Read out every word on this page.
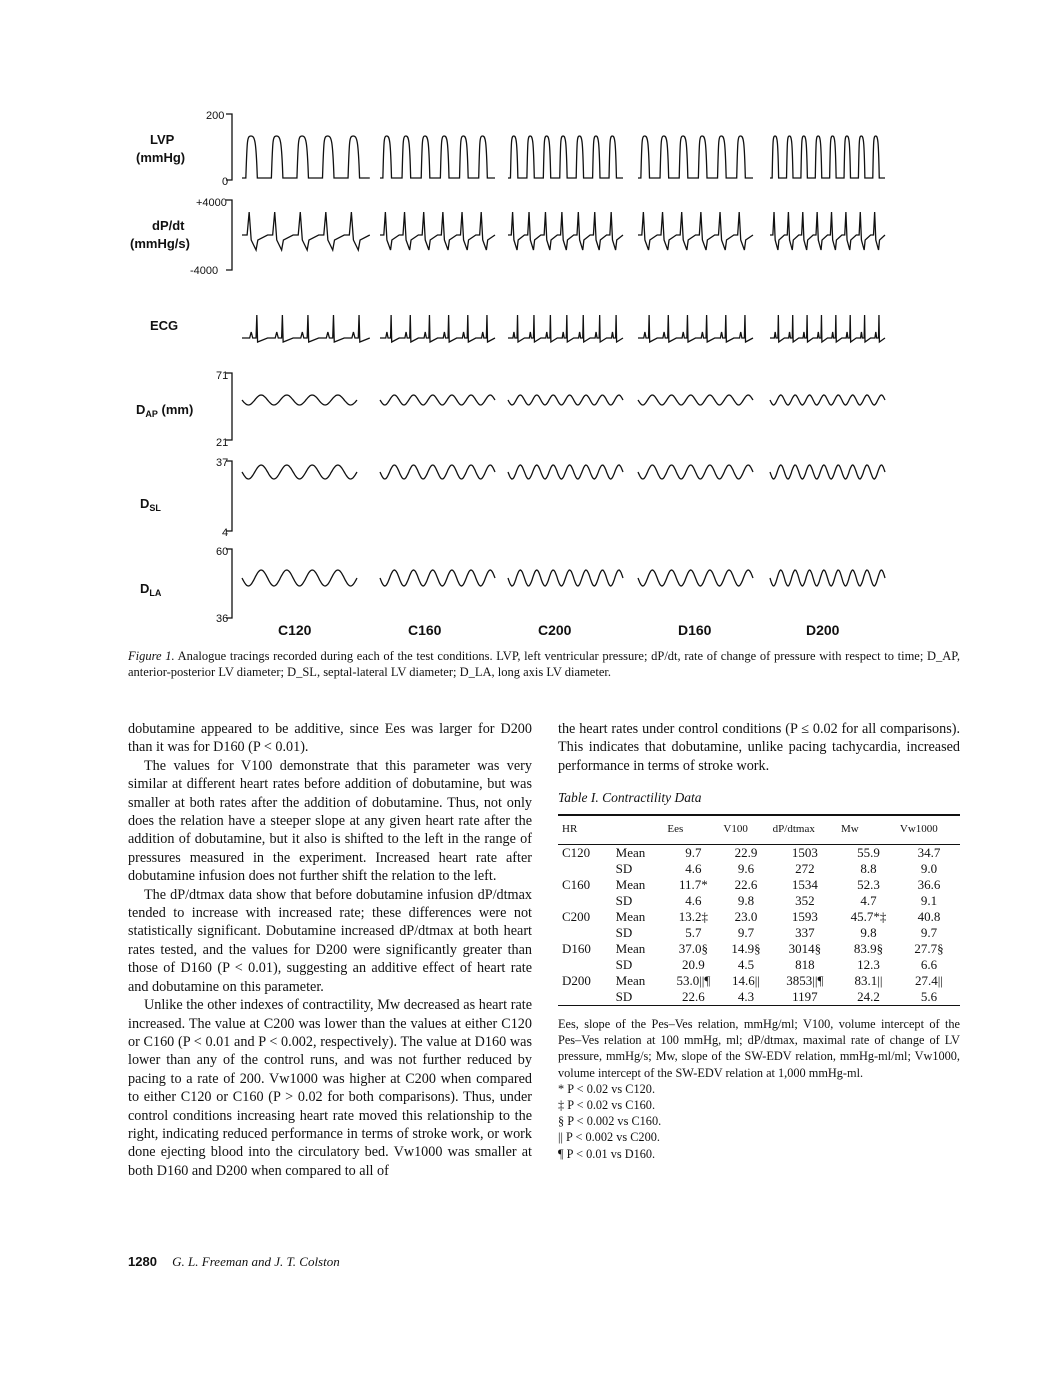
LVP
(mmHg)
200
0
dP/dt
(mmHg/s)
+4000
-4000
ECG
$D_{AP}$ (mm)
71
21
$D_{SL}$
37
4
$D_{LA}$
60
36
C120	C160	C200	D160	D200
Figure 1. Analogue tracings recorded during each of the test conditions. LVP, left ventricular pressure; dP/dt, rate of change of pressure with respect to time; D_AP, anterior-posterior LV diameter; D_SL, septal-lateral LV diameter; D_LA, long axis LV diameter.

dobutamine appeared to be additive, since Ees was larger for D200 than it was for D160 (P < 0.01).

The values for V100 demonstrate that this parameter was very similar at different heart rates before addition of dobutamine, but was smaller at both rates after the addition of dobutamine. Thus, not only does the relation have a steeper slope at any given heart rate after the addition of dobutamine, but it also is shifted to the left in the range of pressures measured in the experiment. Increased heart rate after dobutamine infusion does not further shift the relation to the left.

The dP/dtmax data show that before dobutamine infusion dP/dtmax tended to increase with increased rate; these differences were not statistically significant. Dobutamine increased dP/dtmax at both heart rates tested, and the values for D200 were significantly greater than those of D160 (P < 0.01), suggesting an additive effect of heart rate and dobutamine on this parameter.

Unlike the other indexes of contractility, Mw decreased as heart rate increased. The value at C200 was lower than the values at either C120 or C160 (P < 0.01 and P < 0.002, respectively). The value at D160 was lower than any of the control runs, and was not further reduced by pacing to a rate of 200. Vw1000 was higher at C200 when compared to either C120 or C160 (P > 0.02 for both comparisons). Thus, under control conditions increasing heart rate moved this relationship to the right, indicating reduced performance in terms of stroke work, or work done ejecting blood into the circulatory bed. Vw1000 was smaller at both D160 and D200 when compared to all of

the heart rates under control conditions (P ≤ 0.02 for all comparisons). This indicates that dobutamine, unlike pacing tachycardia, increased performance in terms of stroke work.

Table I. Contractility Data
HR		Ees	V100	dP/dtmax	Mw	Vw1000
C120	Mean	9.7	22.9	1503	55.9	34.7
	SD	4.6	9.6	272	8.8	9.0
C160	Mean	11.7*	22.6	1534	52.3	36.6
	SD	4.6	9.8	352	4.7	9.1
C200	Mean	13.2‡	23.0	1593	45.7*‡	40.8
	SD	5.7	9.7	337	9.8	9.7
D160	Mean	37.0§	14.9§	3014§	83.9§	27.7§
	SD	20.9	4.5	818	12.3	6.6
D200	Mean	53.0||¶	14.6||	3853||¶	83.1||	27.4||
	SD	22.6	4.3	1197	24.2	5.6

Ees, slope of the Pes–Ves relation, mmHg/ml; V100, volume intercept of the Pes–Ves relation at 100 mmHg, ml; dP/dtmax, maximal rate of change of LV pressure, mmHg/s; Mw, slope of the SW-EDV relation, mmHg-ml/ml; Vw1000, volume intercept of the SW-EDV relation at 1,000 mmHg-ml.

* P < 0.02 vs C120.

‡ P < 0.02 vs C160.

§ P < 0.002 vs C160.

|| P < 0.002 vs C200.

¶ P < 0.01 vs D160.

1280 G. L. Freeman and J. T. Colston
